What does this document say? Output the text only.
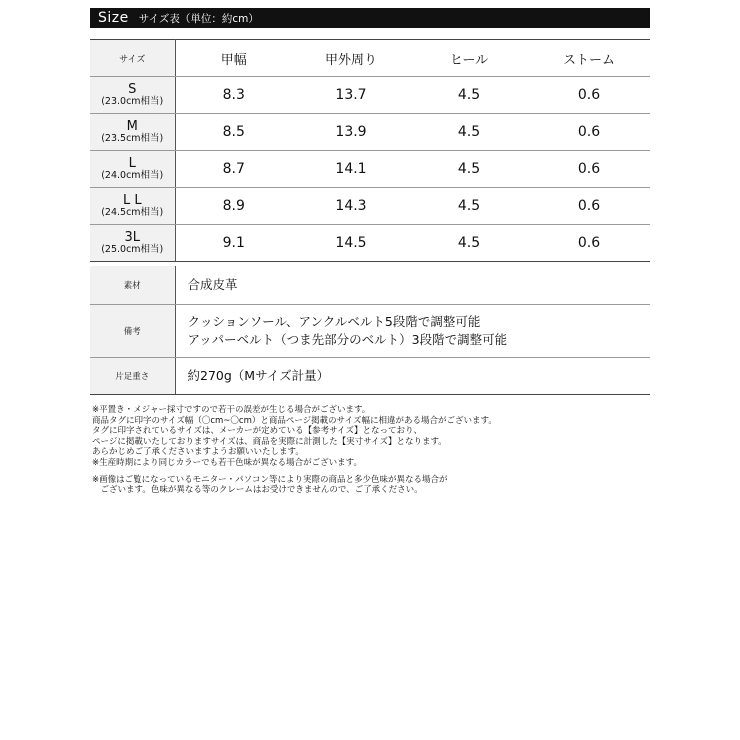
Size サイズ表（単位：約cm）
サイズ	甲幅	甲外周り	ヒール	ストーム

S
(23.0cm相当)	8.3	13.7	4.5	0.6

M
(23.5cm相当)	8.5	13.9	4.5	0.6

L
(24.0cm相当)	8.7	14.1	4.5	0.6

L L
(24.5cm相当)	8.9	14.3	4.5	0.6

3L
(25.0cm相当)	9.1	14.5	4.5	0.6
素材	合成皮革
備考	クッションソール、アンクルベルト5段階で調整可能
アッパーベルト（つま先部分のベルト）3段階で調整可能

片足重さ	約270g（Mサイズ計量）

※平置き・メジャー採寸ですので若干の誤差が生じる場合がございます。

商品タグに印字のサイズ幅（〇cm~〇cm）と商品ページ掲載のサイズ幅に相違がある場合がございます。

タグに印字されているサイズは、メーカーが定めている【参考サイズ】となっており、

ページに掲載いたしておりますサイズは、商品を実際に計測した【実寸サイズ】となります。

あらかじめご了承くださいますようお願いいたします。

※生産時期により同じカラーでも若干色味が異なる場合がございます。

※画像はご覧になっているモニター・パソコン等により実際の商品と多少色味が異なる場合が

　ございます。色味が異なる等のクレームはお受けできませんので、ご了承ください。
